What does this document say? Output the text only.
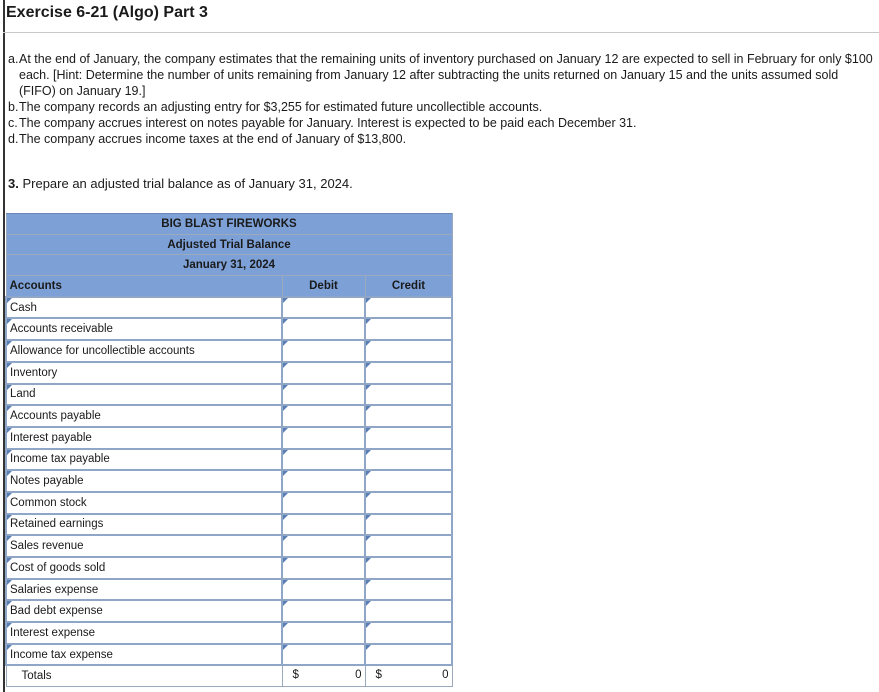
Exercise 6-21 (Algo) Part 3
a. At the end of January, the company estimates that the remaining units of inventory purchased on January 12 are expected to sell in February for only $100 each. [Hint: Determine the number of units remaining from January 12 after subtracting the units returned on January 15 and the units assumed sold (FIFO) on January 19.]
b. The company records an adjusting entry for $3,255 for estimated future uncollectible accounts.
c. The company accrues interest on notes payable for January. Interest is expected to be paid each December 31.
d. The company accrues income taxes at the end of January of $13,800.
3. Prepare an adjusted trial balance as of January 31, 2024.
BIG BLAST FIREWORKS		
Adjusted Trial Balance		
January 31, 2024		
Accounts	Debit	Credit
Cash		
Accounts receivable		
Allowance for uncollectible accounts		
Inventory		
Land		
Accounts payable		
Interest payable		
Income tax payable		
Notes payable		
Common stock		
Retained earnings		
Sales revenue		
Cost of goods sold		
Salaries expense		
Bad debt expense		
Interest expense		
Income tax expense		
Totals	$ 0	$ 0
